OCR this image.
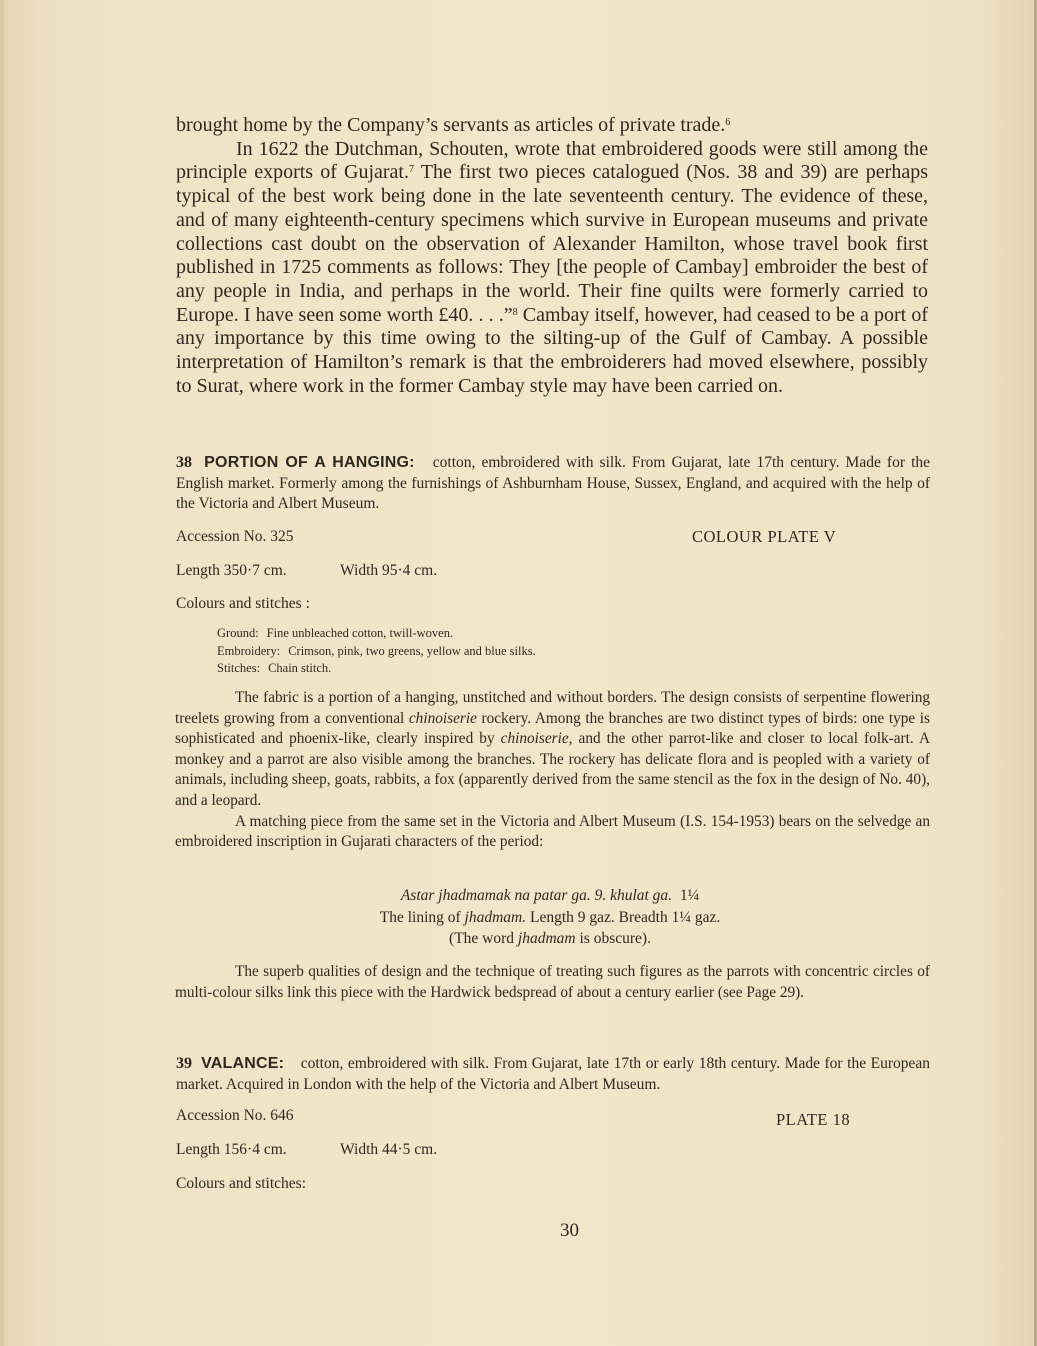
brought home by the Company’s servants as articles of private trade.$^6$

In 1622 the Dutchman, Schouten, wrote that embroidered goods were still among the principle exports of Gujarat.$^7$ The first two pieces catalogued (Nos. 38 and 39) are perhaps typical of the best work being done in the late seventeenth century. The evidence of these, and of many eighteenth-century specimens which survive in European museums and private collections cast doubt on the observation of Alexander Hamilton, whose travel book first published in 1725 comments as follows: They [the people of Cambay] embroider the best of any people in India, and perhaps in the world. Their fine quilts were formerly carried to Europe. I have seen some worth £40. . . .”$^8$ Cambay itself, however, had ceased to be a port of any importance by this time owing to the silting-up of the Gulf of Cambay. A possible interpretation of Hamilton’s remark is that the embroiderers had moved elsewhere, possibly to Surat, where work in the former Cambay style may have been carried on.

38 PORTION OF A HANGING: cotton, embroidered with silk. From Gujarat, late 17th century. Made for the English market. Formerly among the furnishings of Ashburnham House, Sussex, England, and acquired with the help of the Victoria and Albert Museum.
Accession No. 325	COLOUR PLATE V
Length 350·7 cm.	Width 95·4 cm.
Colours and stitches :
Ground: Fine unbleached cotton, twill-woven.
Embroidery: Crimson, pink, two greens, yellow and blue silks.
Stitches: Chain stitch.

The fabric is a portion of a hanging, unstitched and without borders. The design consists of serpentine flowering treelets growing from a conventional chinoiserie rockery. Among the branches are two distinct types of birds: one type is sophisticated and phoenix-like, clearly inspired by chinoiserie, and the other parrot-like and closer to local folk-art. A monkey and a parrot are also visible among the branches. The rockery has delicate flora and is peopled with a variety of animals, including sheep, goats, rabbits, a fox (apparently derived from the same stencil as the fox in the design of No. 40), and a leopard.

A matching piece from the same set in the Victoria and Albert Museum (I.S. 154-1953) bears on the selvedge an embroidered inscription in Gujarati characters of the period:

Astar jhadmamak na patar ga. 9. khulat ga. 1¼
The lining of jhadmam. Length 9 gaz. Breadth 1¼ gaz.
(The word jhadmam is obscure).

The superb qualities of design and the technique of treating such figures as the parrots with concentric circles of multi-colour silks link this piece with the Hardwick bedspread of about a century earlier (see Page 29).

39 VALANCE: cotton, embroidered with silk. From Gujarat, late 17th or early 18th century. Made for the European market. Acquired in London with the help of the Victoria and Albert Museum.
Accession No. 646	PLATE 18
Length 156·4 cm.	Width 44·5 cm.
Colours and stitches:
30
